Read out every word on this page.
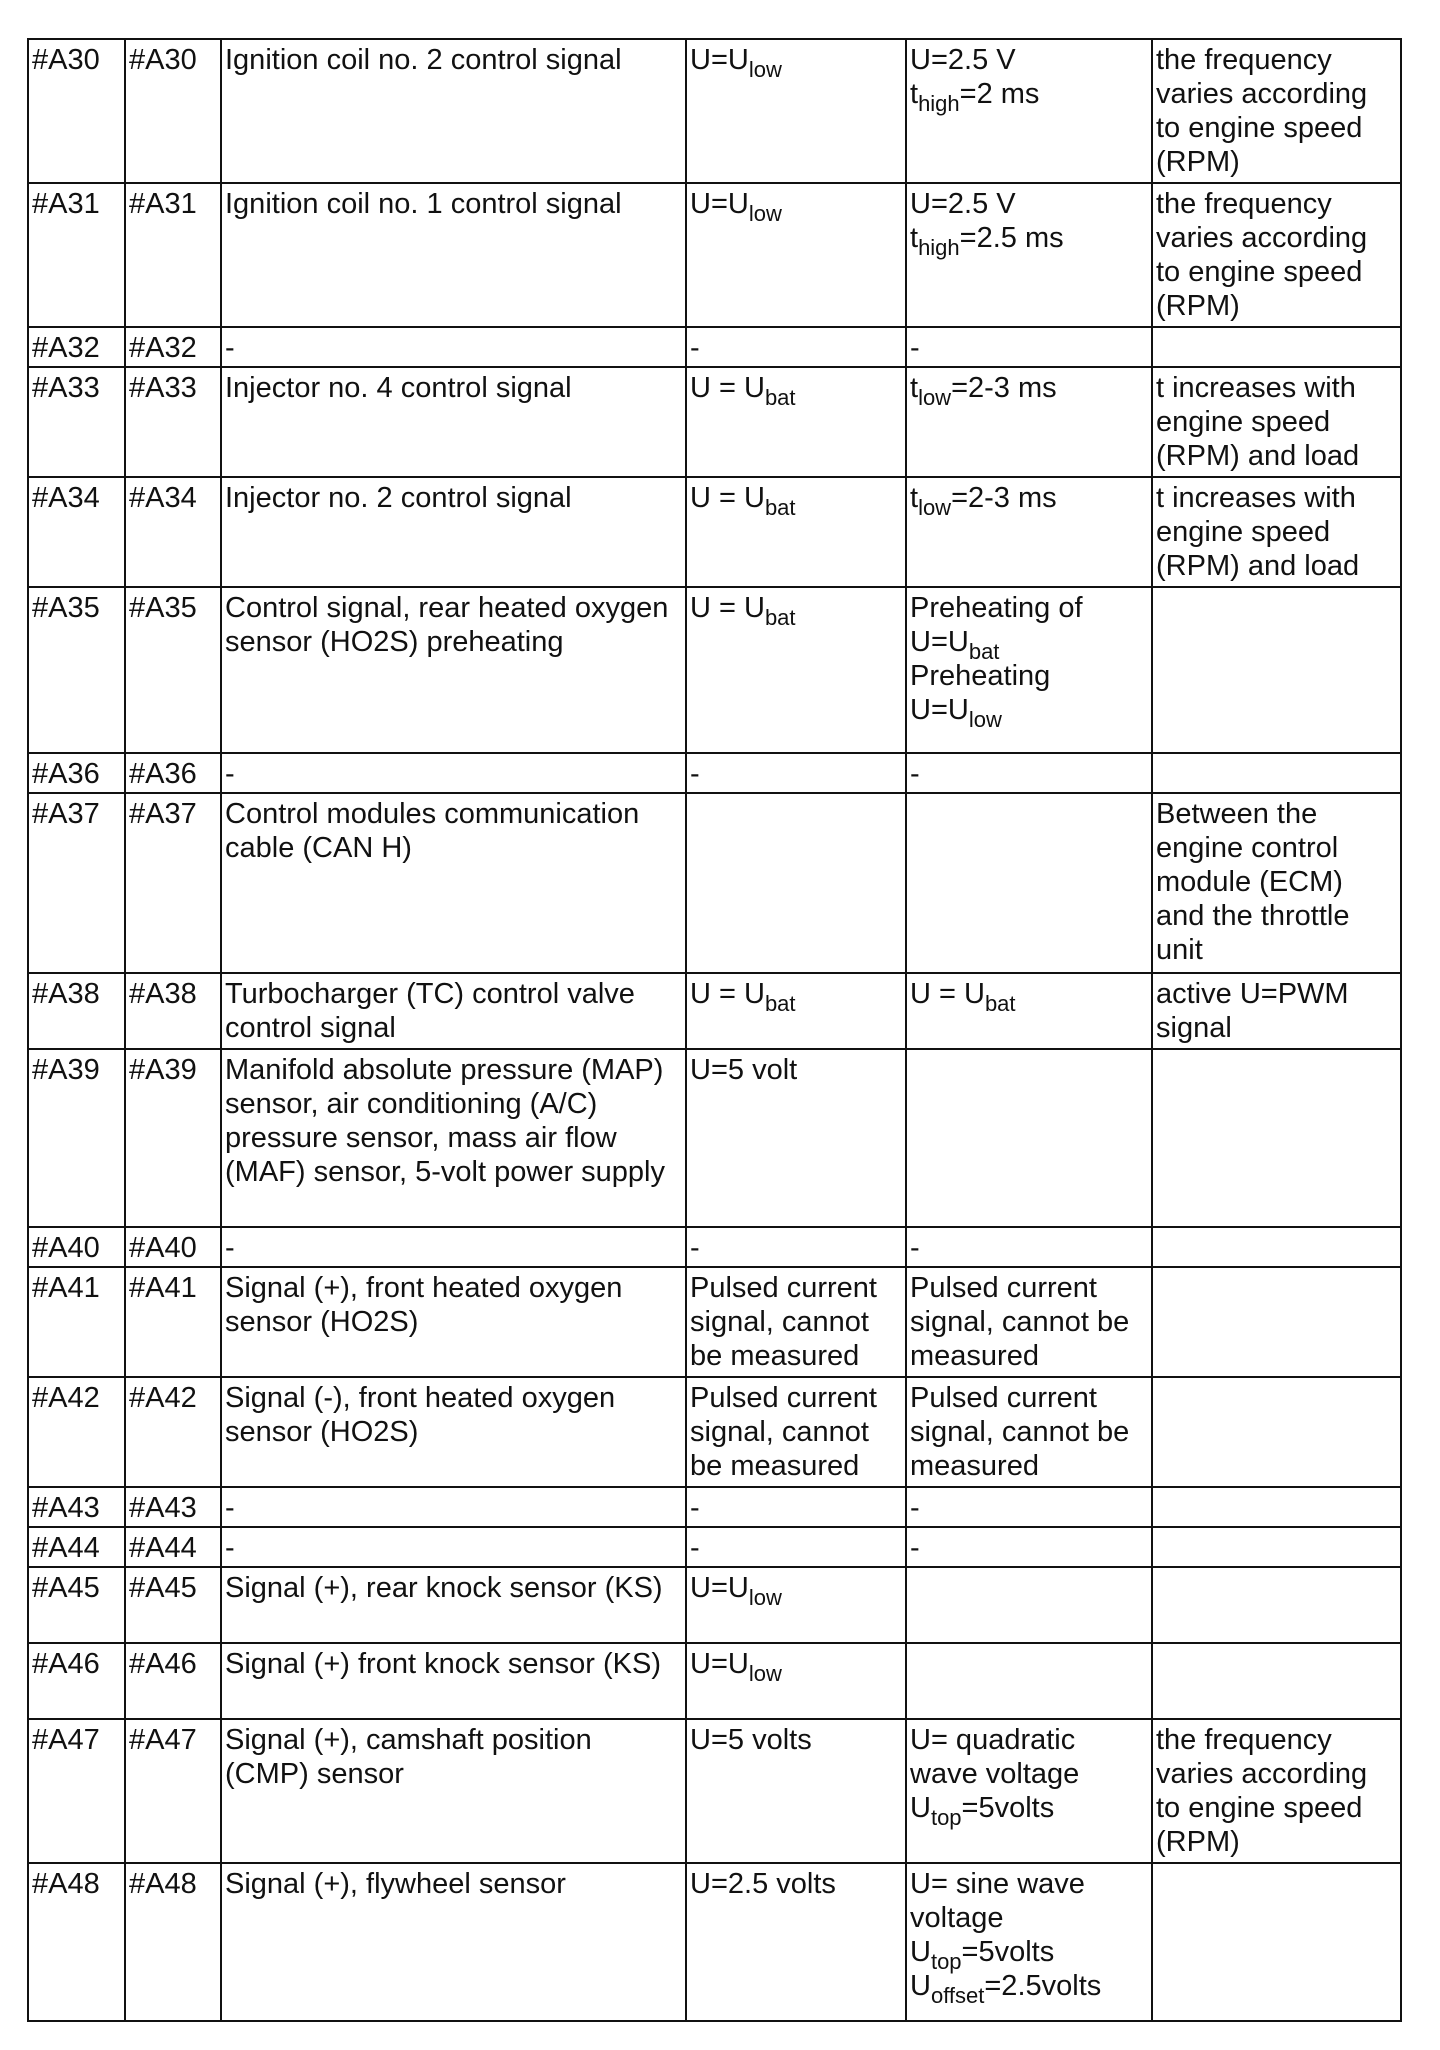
#A30	#A30	Ignition coil no. 2 control signal	$U=U_{low}$	U=2.5 V
$t_{high}=2$ ms	the frequency varies according to engine speed (RPM)
#A31	#A31	Ignition coil no. 1 control signal	$U=U_{low}$	U=2.5 V
$t_{high}=2.5$ ms	the frequency varies according to engine speed (RPM)
#A32	#A32	-	-	-	

#A33	#A33	Injector no. 4 control signal	$U = U_{bat}$	$t_{low}=2-3$ ms	t increases with engine speed (RPM) and load
#A34	#A34	Injector no. 2 control signal	$U = U_{bat}$	$t_{low}=2-3$ ms	t increases with engine speed (RPM) and load
#A35	#A35	Control signal, rear heated oxygen sensor (HO2S) preheating	$U = U_{bat}$	Preheating of
$U=U_{bat}$
Preheating
$U=U_{low}$

#A36	#A36	-	-	-	

#A37	#A37	Control modules communication cable (CAN H)			Between the engine control module (ECM) and the throttle unit
#A38	#A38	Turbocharger (TC) control valve control signal	$U = U_{bat}$	$U = U_{bat}$	active U=PWM signal
#A39	#A39	Manifold absolute pressure (MAP) sensor, air conditioning (A/C) pressure sensor, mass air flow (MAF) sensor, 5-volt power supply	U=5 volt		

#A40	#A40	-	-	-	

#A41	#A41	Signal (+), front heated oxygen sensor (HO2S)	Pulsed current
signal, cannot
be measured	Pulsed current
signal, cannot be
measured	

#A42	#A42	Signal (-), front heated oxygen sensor (HO2S)	Pulsed current
signal, cannot
be measured	Pulsed current
signal, cannot be
measured	

#A43	#A43	-	-	-	

#A44	#A44	-	-	-	

#A45	#A45	Signal (+), rear knock sensor (KS)	$U=U_{low}$

#A46	#A46	Signal (+) front knock sensor (KS)	$U=U_{low}$

#A47	#A47	Signal (+), camshaft position (CMP) sensor	U=5 volts	U= quadratic
wave voltage
$U_{top}=5volts$	the frequency varies according to engine speed (RPM)
#A48	#A48	Signal (+), flywheel sensor	U=2.5 volts	U= sine wave
voltage
$U_{top}=5volts$
$U_{offset}=2.5volts$	
